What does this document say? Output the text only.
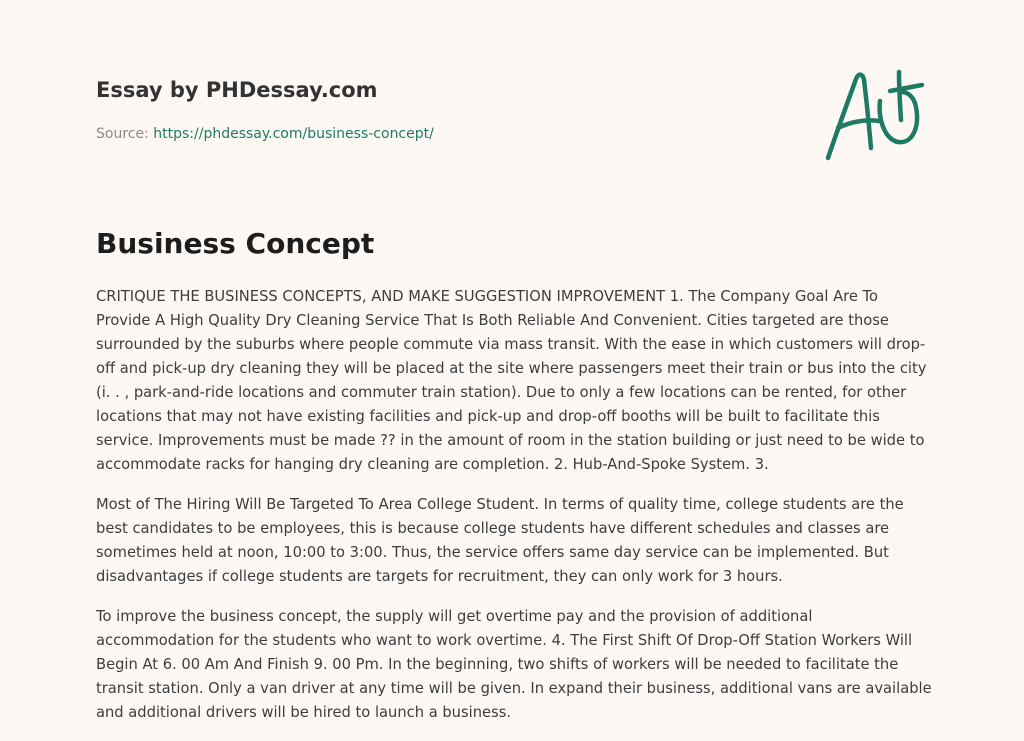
Essay by PHDessay.com
Source: https://phdessay.com/business-concept/
Business Concept

CRITIQUE THE BUSINESS CONCEPTS, AND MAKE SUGGESTION IMPROVEMENT 1. The Company Goal Are To Provide A High Quality Dry Cleaning Service That Is Both Reliable And Convenient. Cities targeted are those surrounded by the suburbs where people commute via mass transit. With the ease in which customers will drop-off and pick-up dry cleaning they will be placed at the site where passengers meet their train or bus into the city (i. . , park-and-ride locations and commuter train station). Due to only a few locations can be rented, for other locations that may not have existing facilities and pick-up and drop-off booths will be built to facilitate this service. Improvements must be made ?? in the amount of room in the station building or just need to be wide to accommodate racks for hanging dry cleaning are completion. 2. Hub-And-Spoke System. 3.

Most of The Hiring Will Be Targeted To Area College Student. In terms of quality time, college students are the best candidates to be employees, this is because college students have different schedules and classes are sometimes held at noon, 10:00 to 3:00. Thus, the service offers same day service can be implemented. But disadvantages if college students are targets for recruitment, they can only work for 3 hours.

To improve the business concept, the supply will get overtime pay and the provision of additional accommodation for the students who want to work overtime. 4. The First Shift Of Drop-Off Station Workers Will Begin At 6. 00 Am And Finish 9. 00 Pm. In the beginning, two shifts of workers will be needed to facilitate the transit station. Only a van driver at any time will be given. In expand their business, additional vans are available and additional drivers will be hired to launch a business.
